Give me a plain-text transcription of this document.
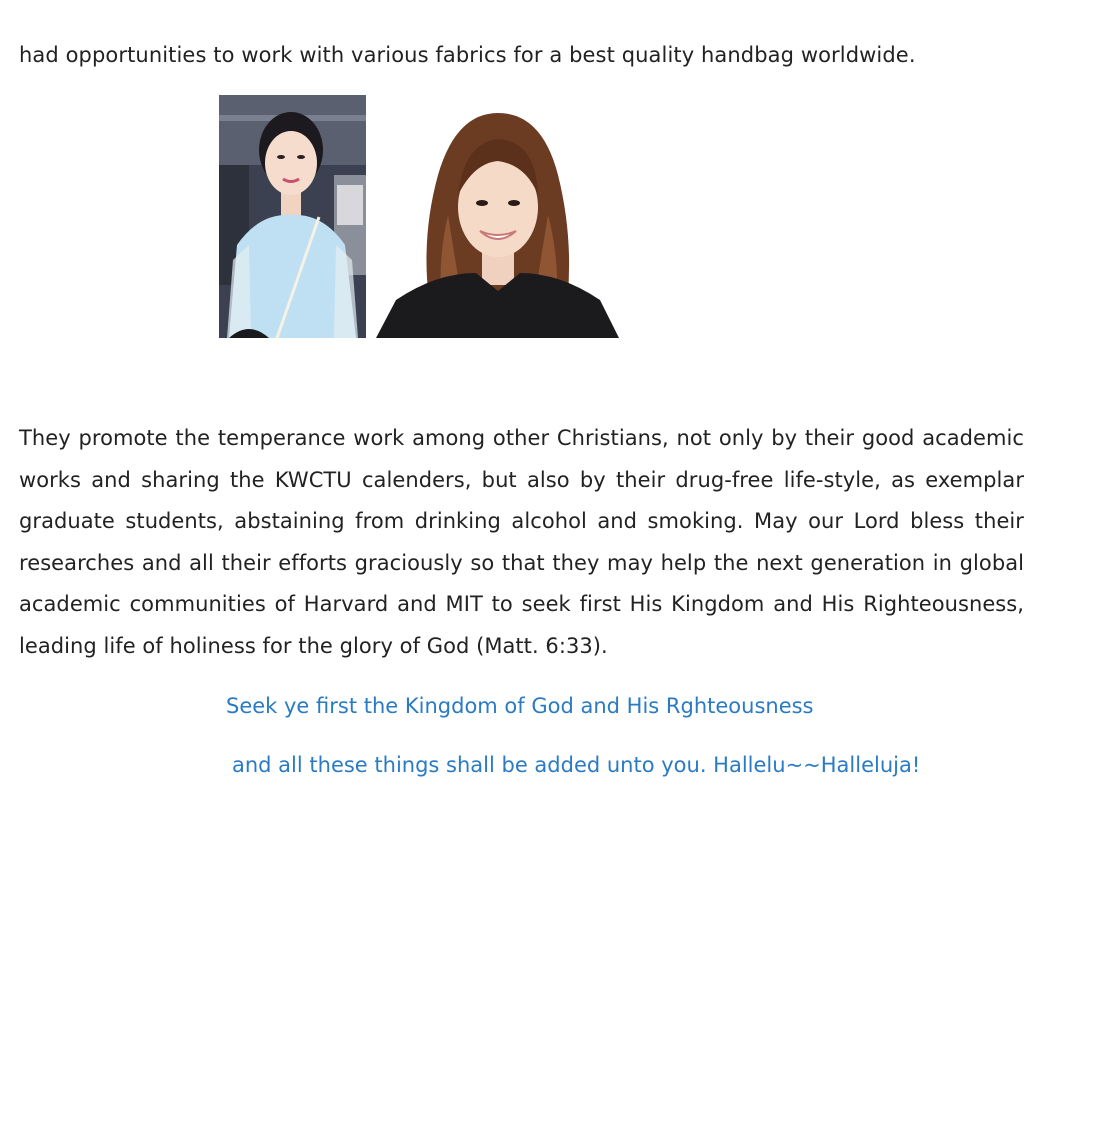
had opportunities to work with various fabrics for a best quality handbag worldwide.
They promote the temperance work among other Christians, not only by their good academic works and sharing the KWCTU calenders, but also by their drug-free life-style, as exemplar graduate students, abstaining from drinking alcohol and smoking. May our Lord bless their researches and all their efforts graciously so that they may help the next generation in global academic communities of Harvard and MIT to seek first His Kingdom and His Righteousness, leading life of holiness for the glory of God (Matt. 6:33).
Seek ye first the Kingdom of God and His Rghteousness
and all these things shall be added unto you. Hallelu~~Halleluja!
